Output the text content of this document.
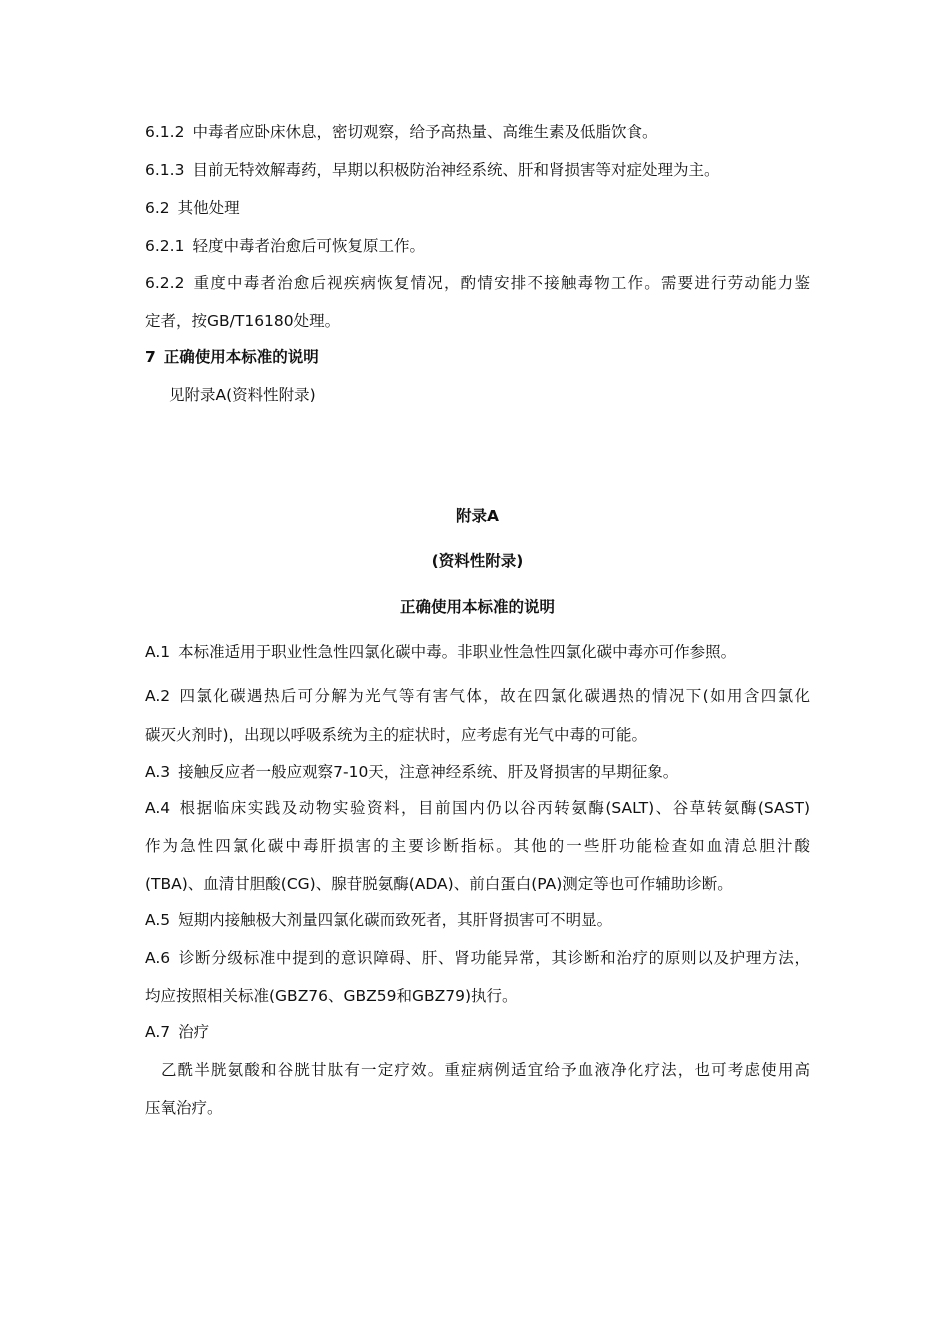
6.1.2 中毒者应卧床休息，密切观察，给予高热量、高维生素及低脂饮食。
6.1.3 目前无特效解毒药，早期以积极防治神经系统、肝和肾损害等对症处理为主。
6.2 其他处理
6.2.1 轻度中毒者治愈后可恢复原工作。
6.2.2 重度中毒者治愈后视疾病恢复情况，酌情安排不接触毒物工作。需要进行劳动能力鉴
定者，按GB/T16180处理。
7 正确使用本标准的说明
见附录A(资料性附录)
附录A
(资料性附录)
正确使用本标准的说明
A.1 本标准适用于职业性急性四氯化碳中毒。非职业性急性四氯化碳中毒亦可作参照。
A.2 四氯化碳遇热后可分解为光气等有害气体，故在四氯化碳遇热的情况下(如用含四氯化
碳灭火剂时)，出现以呼吸系统为主的症状时，应考虑有光气中毒的可能。
A.3 接触反应者一般应观察7-10天，注意神经系统、肝及肾损害的早期征象。
A.4 根据临床实践及动物实验资料，目前国内仍以谷丙转氨酶(SALT)、谷草转氨酶(SAST)
作为急性四氯化碳中毒肝损害的主要诊断指标。其他的一些肝功能检查如血清总胆汁酸
(TBA)、血清甘胆酸(CG)、腺苷脱氨酶(ADA)、前白蛋白(PA)测定等也可作辅助诊断。
A.5 短期内接触极大剂量四氯化碳而致死者，其肝肾损害可不明显。
A.6 诊断分级标准中提到的意识障碍、肝、肾功能异常，其诊断和治疗的原则以及护理方法，
均应按照相关标准(GBZ76、GBZ59和GBZ79)执行。
A.7 治疗
乙酰半胱氨酸和谷胱甘肽有一定疗效。重症病例适宜给予血液净化疗法，也可考虑使用高
压氧治疗。
